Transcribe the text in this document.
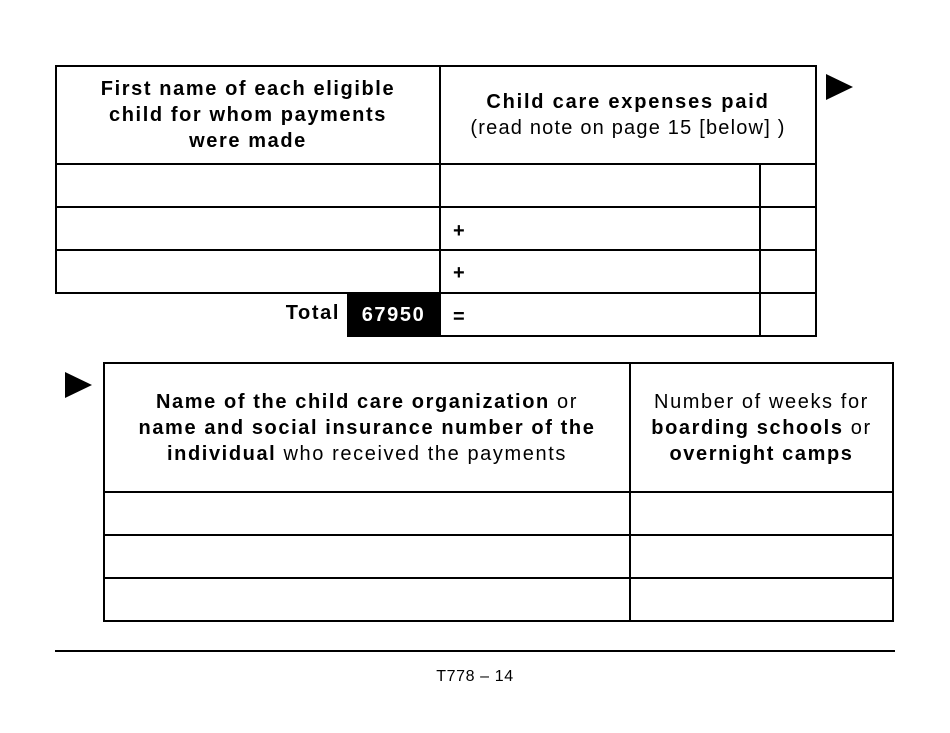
First name of each eligible
child for whom payments
were made
Child care expenses paid
(read note on page 15 [below] )
+
+
Total	67950	=
Name of the child care organization or
name and social insurance number of the
individual who received the payments
Number of weeks for
boarding schools or
overnight camps
T778 – 14
